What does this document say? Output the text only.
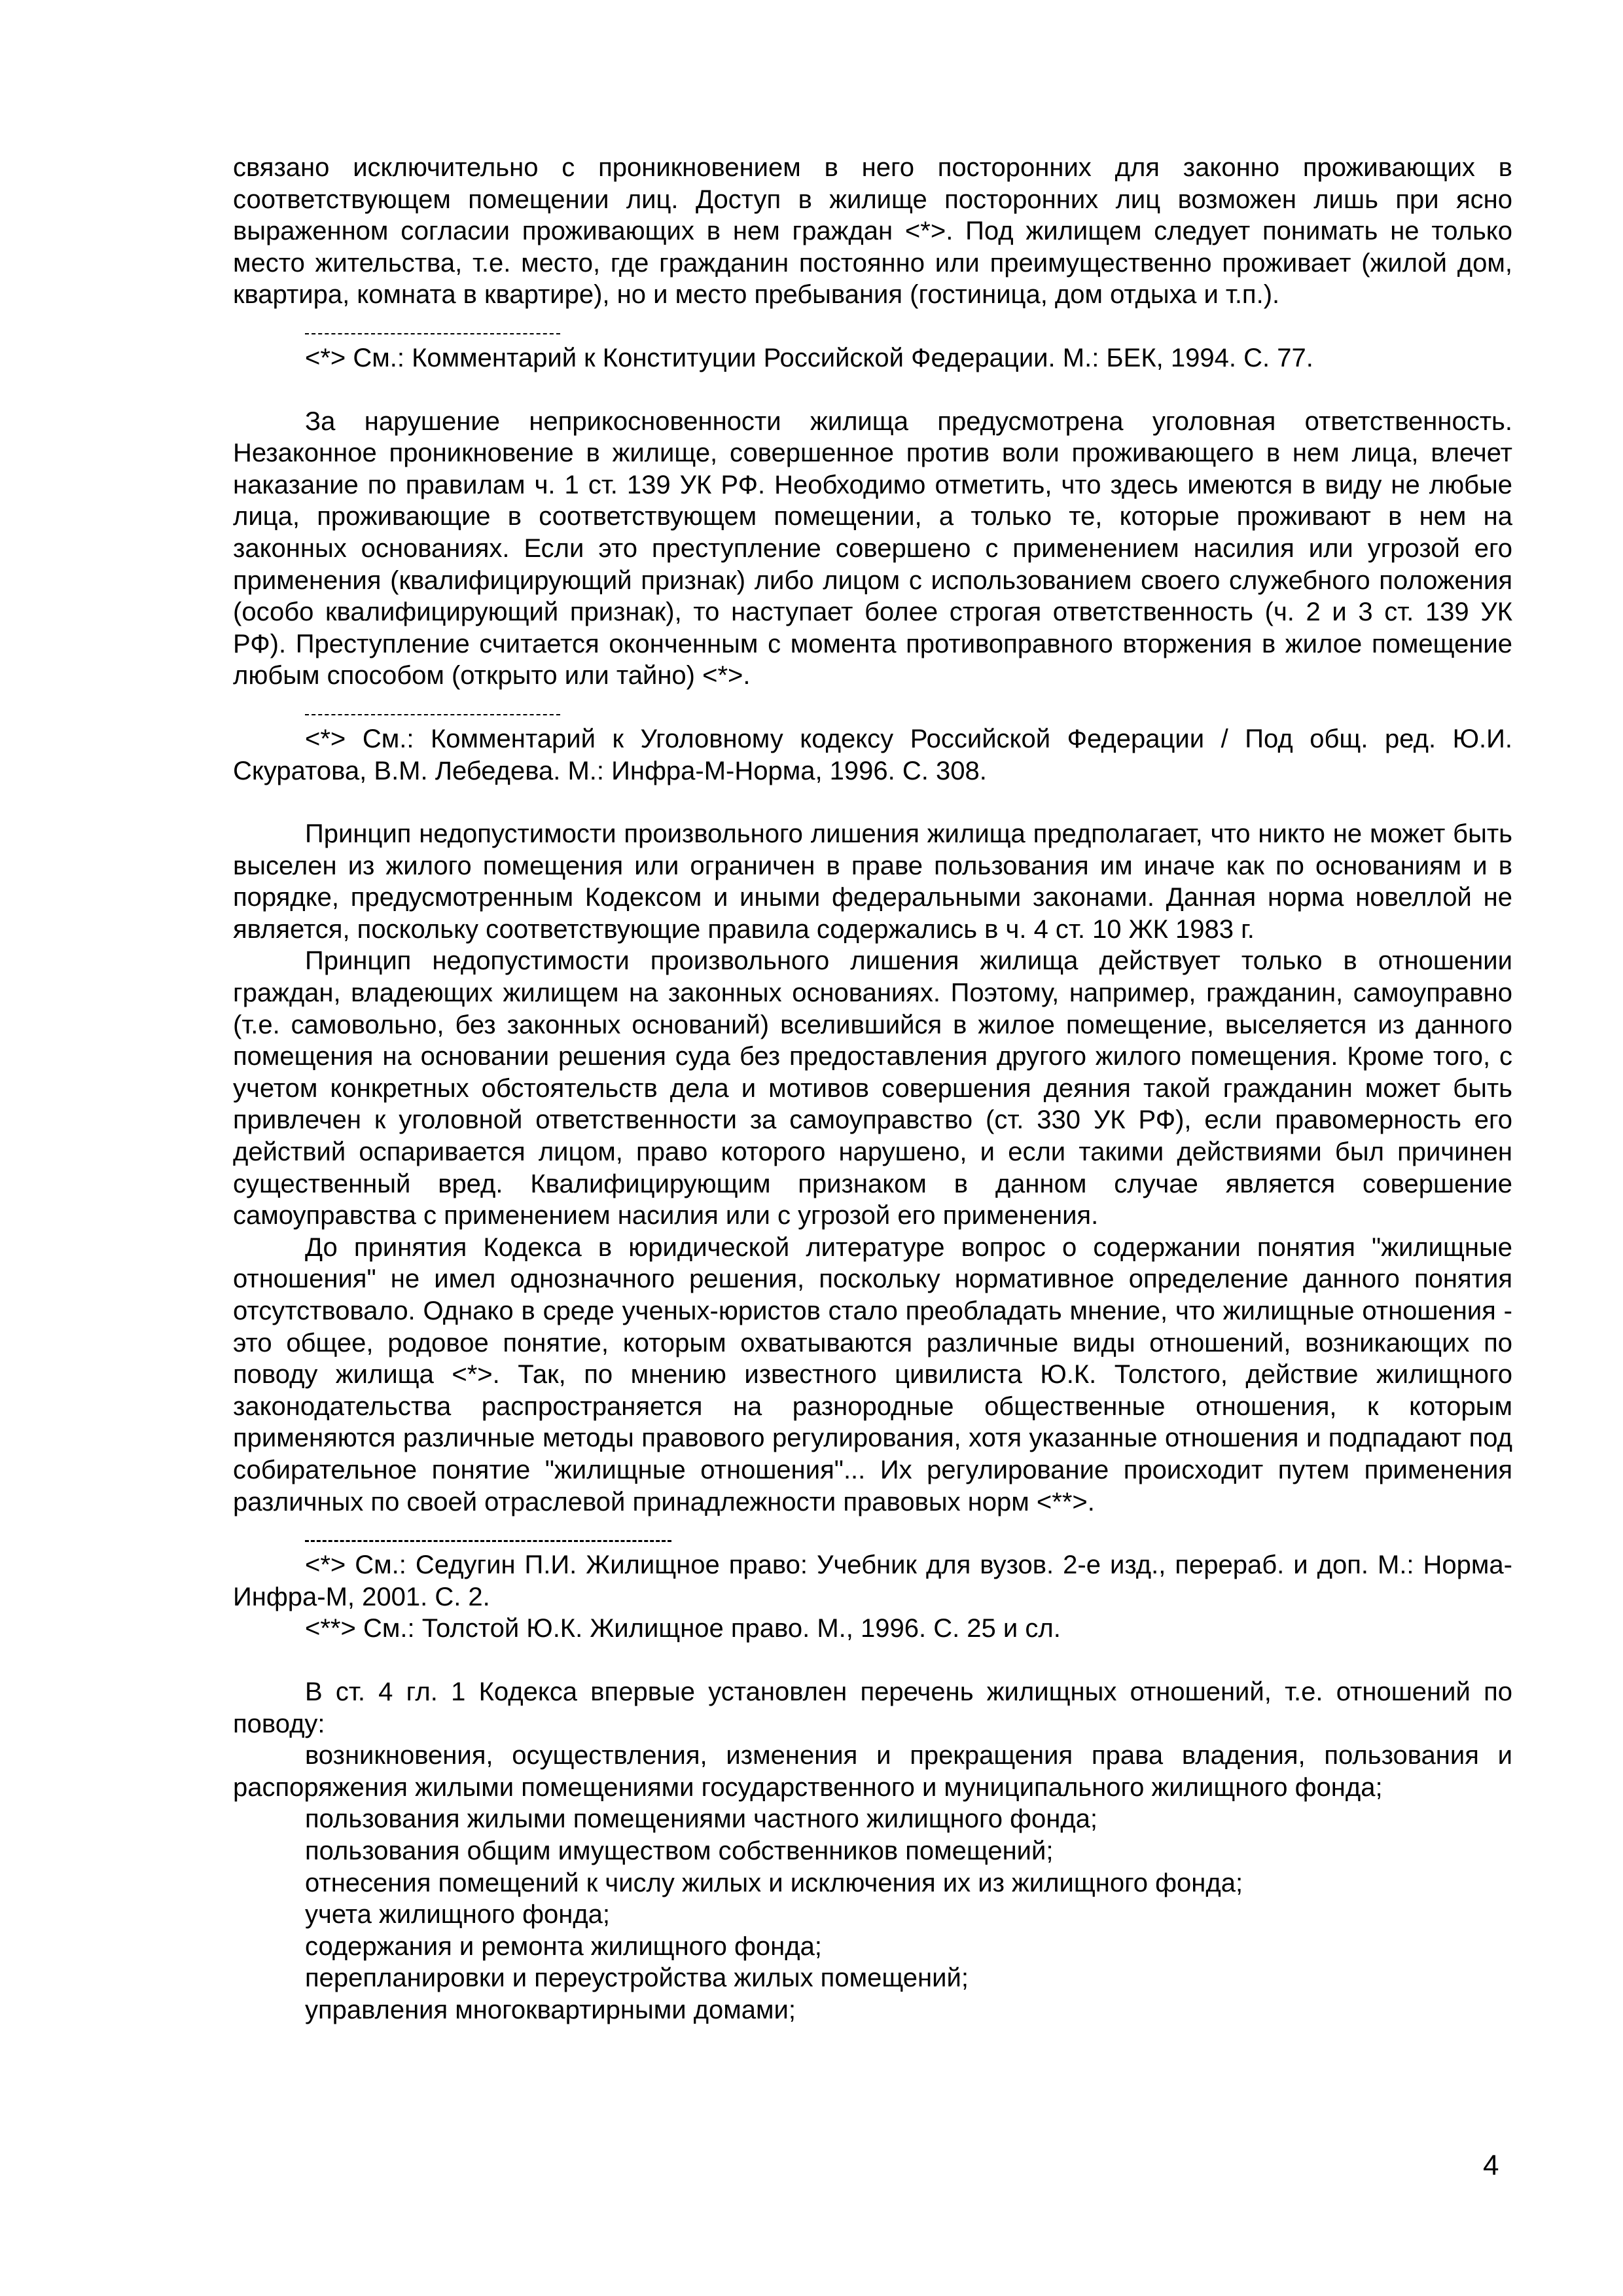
связано исключительно с проникновением в него посторонних для законно проживающих в соответствующем помещении лиц. Доступ в жилище посторонних лиц возможен лишь при ясно выраженном согласии проживающих в нем граждан <*>. Под жилищем следует понимать не только место жительства, т.е. место, где гражданин постоянно или преимущественно проживает (жилой дом, квартира, комната в квартире), но и место пребывания (гостиница, дом отдыха и т.п.).

<*> См.: Комментарий к Конституции Российской Федерации. М.: БЕК, 1994. С. 77.

За нарушение неприкосновенности жилища предусмотрена уголовная ответственность. Незаконное проникновение в жилище, совершенное против воли проживающего в нем лица, влечет наказание по правилам ч. 1 ст. 139 УК РФ. Необходимо отметить, что здесь имеются в виду не любые лица, проживающие в соответствующем помещении, а только те, которые проживают в нем на законных основаниях. Если это преступление совершено с применением насилия или угрозой его применения (квалифицирующий признак) либо лицом с использованием своего служебного положения (особо квалифицирующий признак), то наступает более строгая ответственность (ч. 2 и 3 ст. 139 УК РФ). Преступление считается оконченным с момента противоправного вторжения в жилое помещение любым способом (открыто или тайно) <*>.

<*> См.: Комментарий к Уголовному кодексу Российской Федерации / Под общ. ред. Ю.И. Скуратова, В.М. Лебедева. М.: Инфра-М-Норма, 1996. С. 308.

Принцип недопустимости произвольного лишения жилища предполагает, что никто не может быть выселен из жилого помещения или ограничен в праве пользования им иначе как по основаниям и в порядке, предусмотренным Кодексом и иными федеральными законами. Данная норма новеллой не является, поскольку соответствующие правила содержались в ч. 4 ст. 10 ЖК 1983 г.

Принцип недопустимости произвольного лишения жилища действует только в отношении граждан, владеющих жилищем на законных основаниях. Поэтому, например, гражданин, самоуправно (т.е. самовольно, без законных оснований) вселившийся в жилое помещение, выселяется из данного помещения на основании решения суда без предоставления другого жилого помещения. Кроме того, с учетом конкретных обстоятельств дела и мотивов совершения деяния такой гражданин может быть привлечен к уголовной ответственности за самоуправство (ст. 330 УК РФ), если правомерность его действий оспаривается лицом, право которого нарушено, и если такими действиями был причинен существенный вред. Квалифицирующим признаком в данном случае является совершение самоуправства с применением насилия или с угрозой его применения.

До принятия Кодекса в юридической литературе вопрос о содержании понятия "жилищные отношения" не имел однозначного решения, поскольку нормативное определение данного понятия отсутствовало. Однако в среде ученых-юристов стало преобладать мнение, что жилищные отношения - это общее, родовое понятие, которым охватываются различные виды отношений, возникающих по поводу жилища <*>. Так, по мнению известного цивилиста Ю.К. Толстого, действие жилищного законодательства распространяется на разнородные общественные отношения, к которым применяются различные методы правового регулирования, хотя указанные отношения и подпадают под собирательное понятие "жилищные отношения"... Их регулирование происходит путем применения различных по своей отраслевой принадлежности правовых норм <**>.

<*> См.: Седугин П.И. Жилищное право: Учебник для вузов. 2-е изд., перераб. и доп. М.: Норма-Инфра-М, 2001. С. 2.

<**> См.: Толстой Ю.К. Жилищное право. М., 1996. С. 25 и сл.

В ст. 4 гл. 1 Кодекса впервые установлен перечень жилищных отношений, т.е. отношений по поводу:

возникновения, осуществления, изменения и прекращения права владения, пользования и распоряжения жилыми помещениями государственного и муниципального жилищного фонда;

пользования жилыми помещениями частного жилищного фонда;

пользования общим имуществом собственников помещений;

отнесения помещений к числу жилых и исключения их из жилищного фонда;

учета жилищного фонда;

содержания и ремонта жилищного фонда;

перепланировки и переустройства жилых помещений;

управления многоквартирными домами;

4
